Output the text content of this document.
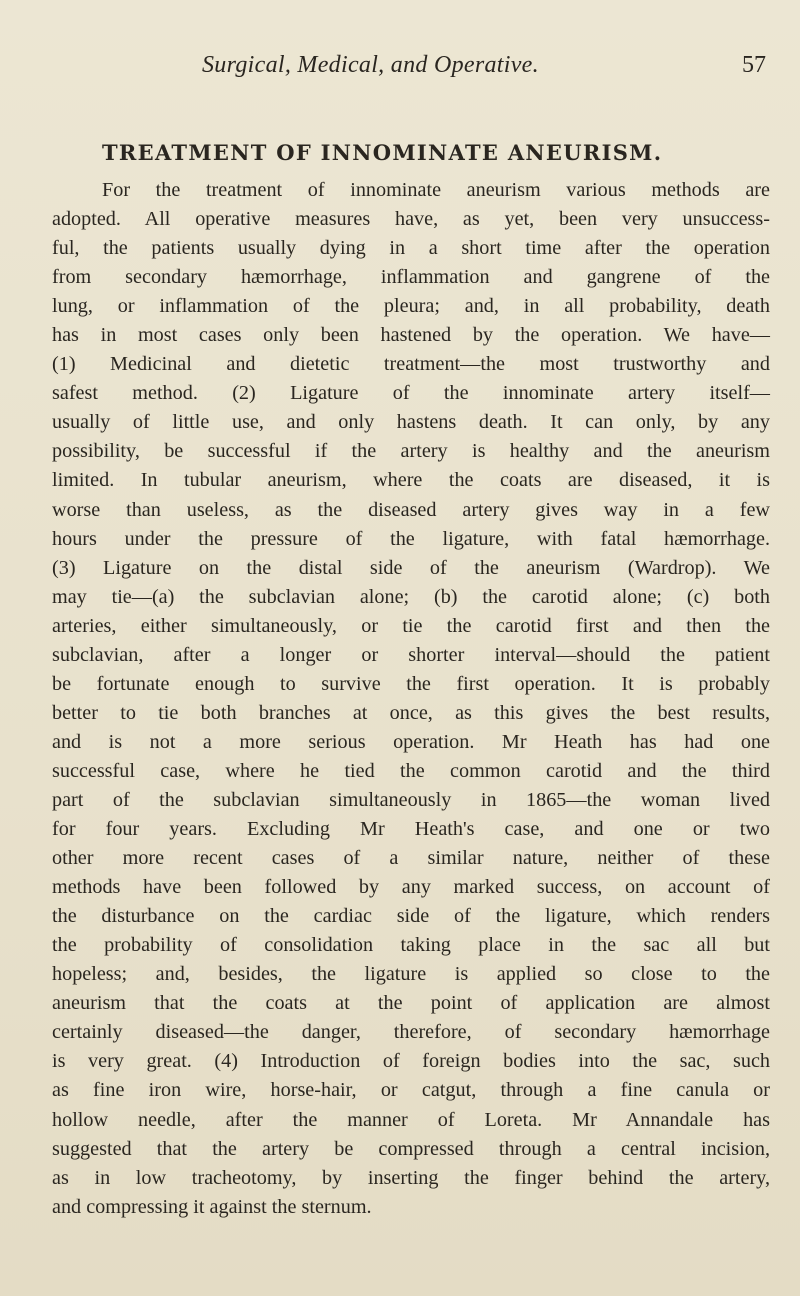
Surgical, Medical, and Operative.	57
TREATMENT OF INNOMINATE ANEURISM.
For the treatment of innominate aneurism various methods are
adopted. All operative measures have, as yet, been very unsuccess-
ful, the patients usually dying in a short time after the operation
from secondary hæmorrhage, inflammation and gangrene of the
lung, or inflammation of the pleura; and, in all probability, death
has in most cases only been hastened by the operation. We have—
(1) Medicinal and dietetic treatment—the most trustworthy and
safest method. (2) Ligature of the innominate artery itself—
usually of little use, and only hastens death. It can only, by any
possibility, be successful if the artery is healthy and the aneurism
limited. In tubular aneurism, where the coats are diseased, it is
worse than useless, as the diseased artery gives way in a few
hours under the pressure of the ligature, with fatal hæmorrhage.
(3) Ligature on the distal side of the aneurism (Wardrop). We
may tie—(a) the subclavian alone; (b) the carotid alone; (c) both
arteries, either simultaneously, or tie the carotid first and then the
subclavian, after a longer or shorter interval—should the patient
be fortunate enough to survive the first operation. It is probably
better to tie both branches at once, as this gives the best results,
and is not a more serious operation. Mr Heath has had one
successful case, where he tied the common carotid and the third
part of the subclavian simultaneously in 1865—the woman lived
for four years. Excluding Mr Heath's case, and one or two
other more recent cases of a similar nature, neither of these
methods have been followed by any marked success, on account of
the disturbance on the cardiac side of the ligature, which renders
the probability of consolidation taking place in the sac all but
hopeless; and, besides, the ligature is applied so close to the
aneurism that the coats at the point of application are almost
certainly diseased—the danger, therefore, of secondary hæmorrhage
is very great. (4) Introduction of foreign bodies into the sac, such
as fine iron wire, horse-hair, or catgut, through a fine canula or
hollow needle, after the manner of Loreta. Mr Annandale has
suggested that the artery be compressed through a central incision,
as in low tracheotomy, by inserting the finger behind the artery,
and compressing it against the sternum.
